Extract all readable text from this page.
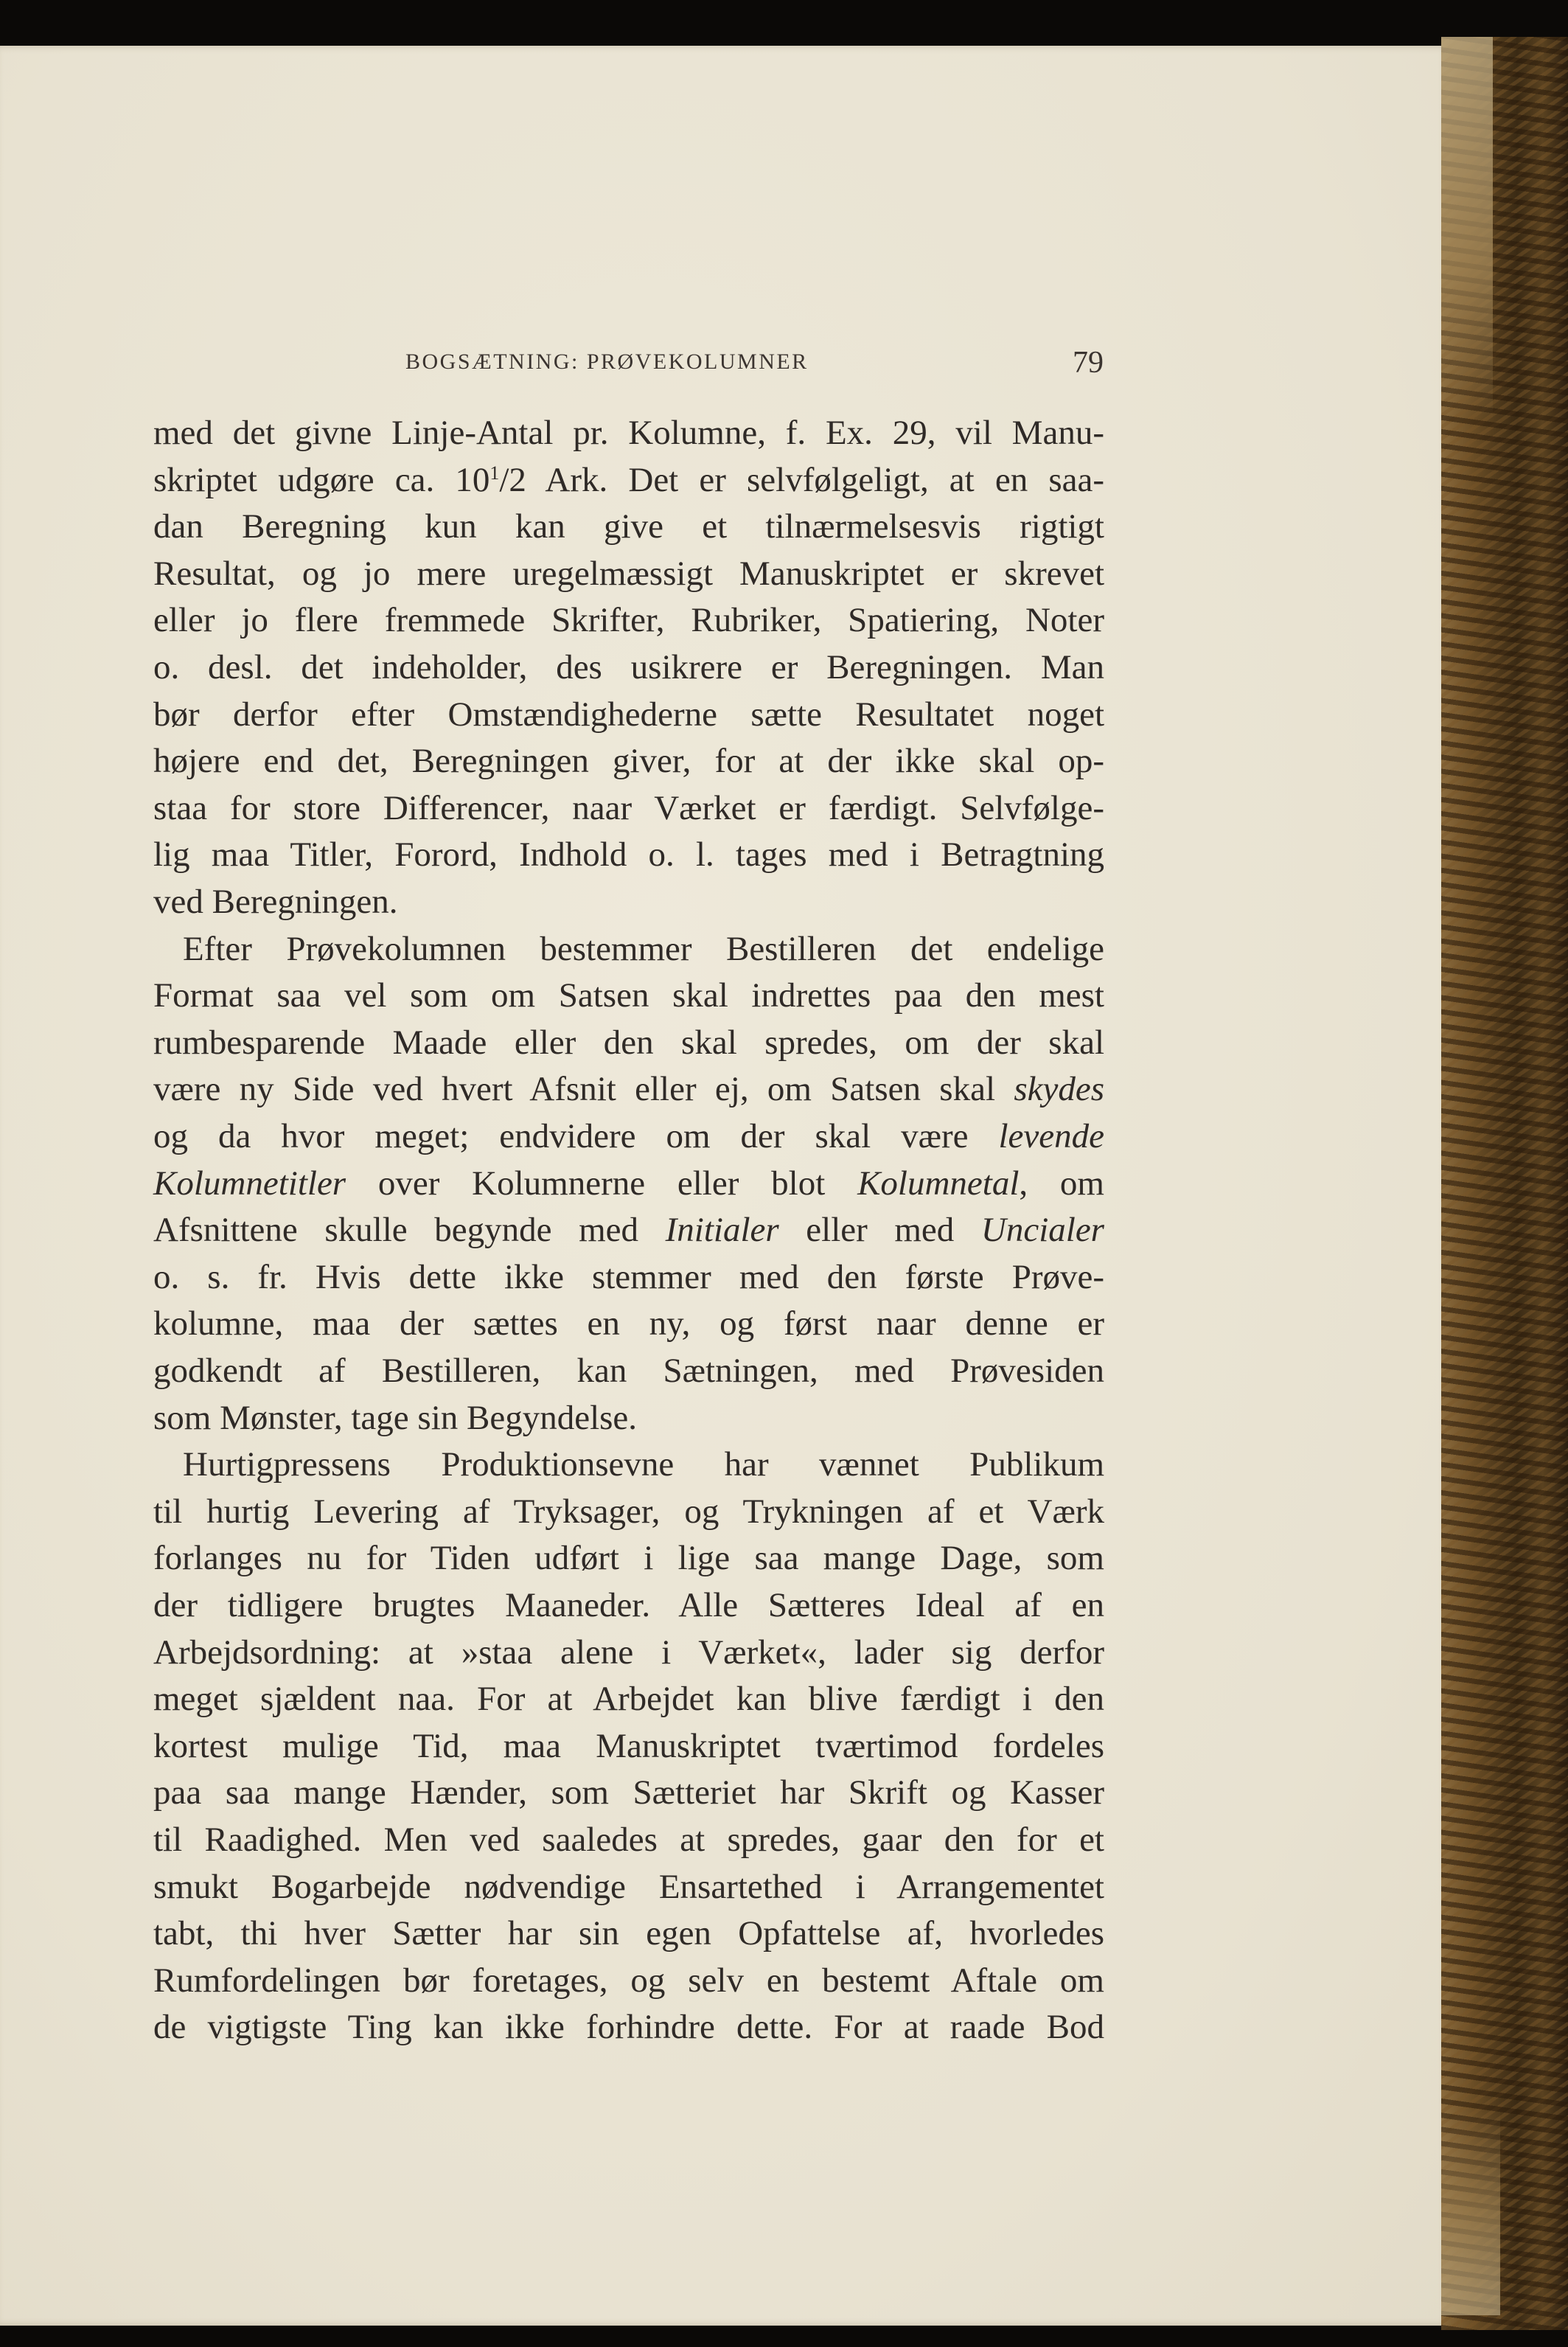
BOGSÆTNING: PRØVEKOLUMNER	79
med det givne Linje-Antal pr. Kolumne, f. Ex. 29, vil Manu-
skriptet udgøre ca. $10^1/2$ Ark. Det er selvfølgeligt, at en saa-
dan Beregning kun kan give et tilnærmelsesvis rigtigt
Resultat, og jo mere uregelmæssigt Manuskriptet er skrevet
eller jo flere fremmede Skrifter, Rubriker, Spatiering, Noter
o. desl. det indeholder, des usikrere er Beregningen. Man
bør derfor efter Omstændighederne sætte Resultatet noget
højere end det, Beregningen giver, for at der ikke skal op-
staa for store Differencer, naar Værket er færdigt. Selvfølge-
lig maa Titler, Forord, Indhold o. l. tages med i Betragtning
ved Beregningen.
Efter Prøvekolumnen bestemmer Bestilleren det endelige
Format saa vel som om Satsen skal indrettes paa den mest
rumbesparende Maade eller den skal spredes, om der skal
være ny Side ved hvert Afsnit eller ej, om Satsen skal skydes
og da hvor meget; endvidere om der skal være levende
Kolumnetitler over Kolumnerne eller blot Kolumnetal, om
Afsnittene skulle begynde med Initialer eller med Uncialer
o. s. fr. Hvis dette ikke stemmer med den første Prøve-
kolumne, maa der sættes en ny, og først naar denne er
godkendt af Bestilleren, kan Sætningen, med Prøvesiden
som Mønster, tage sin Begyndelse.
Hurtigpressens Produktionsevne har vænnet Publikum
til hurtig Levering af Tryksager, og Trykningen af et Værk
forlanges nu for Tiden udført i lige saa mange Dage, som
der tidligere brugtes Maaneder. Alle Sætteres Ideal af en
Arbejdsordning: at »staa alene i Værket«, lader sig derfor
meget sjældent naa. For at Arbejdet kan blive færdigt i den
kortest mulige Tid, maa Manuskriptet tværtimod fordeles
paa saa mange Hænder, som Sætteriet har Skrift og Kasser
til Raadighed. Men ved saaledes at spredes, gaar den for et
smukt Bogarbejde nødvendige Ensartethed i Arrangementet
tabt, thi hver Sætter har sin egen Opfattelse af, hvorledes
Rumfordelingen bør foretages, og selv en bestemt Aftale om
de vigtigste Ting kan ikke forhindre dette. For at raade Bod
